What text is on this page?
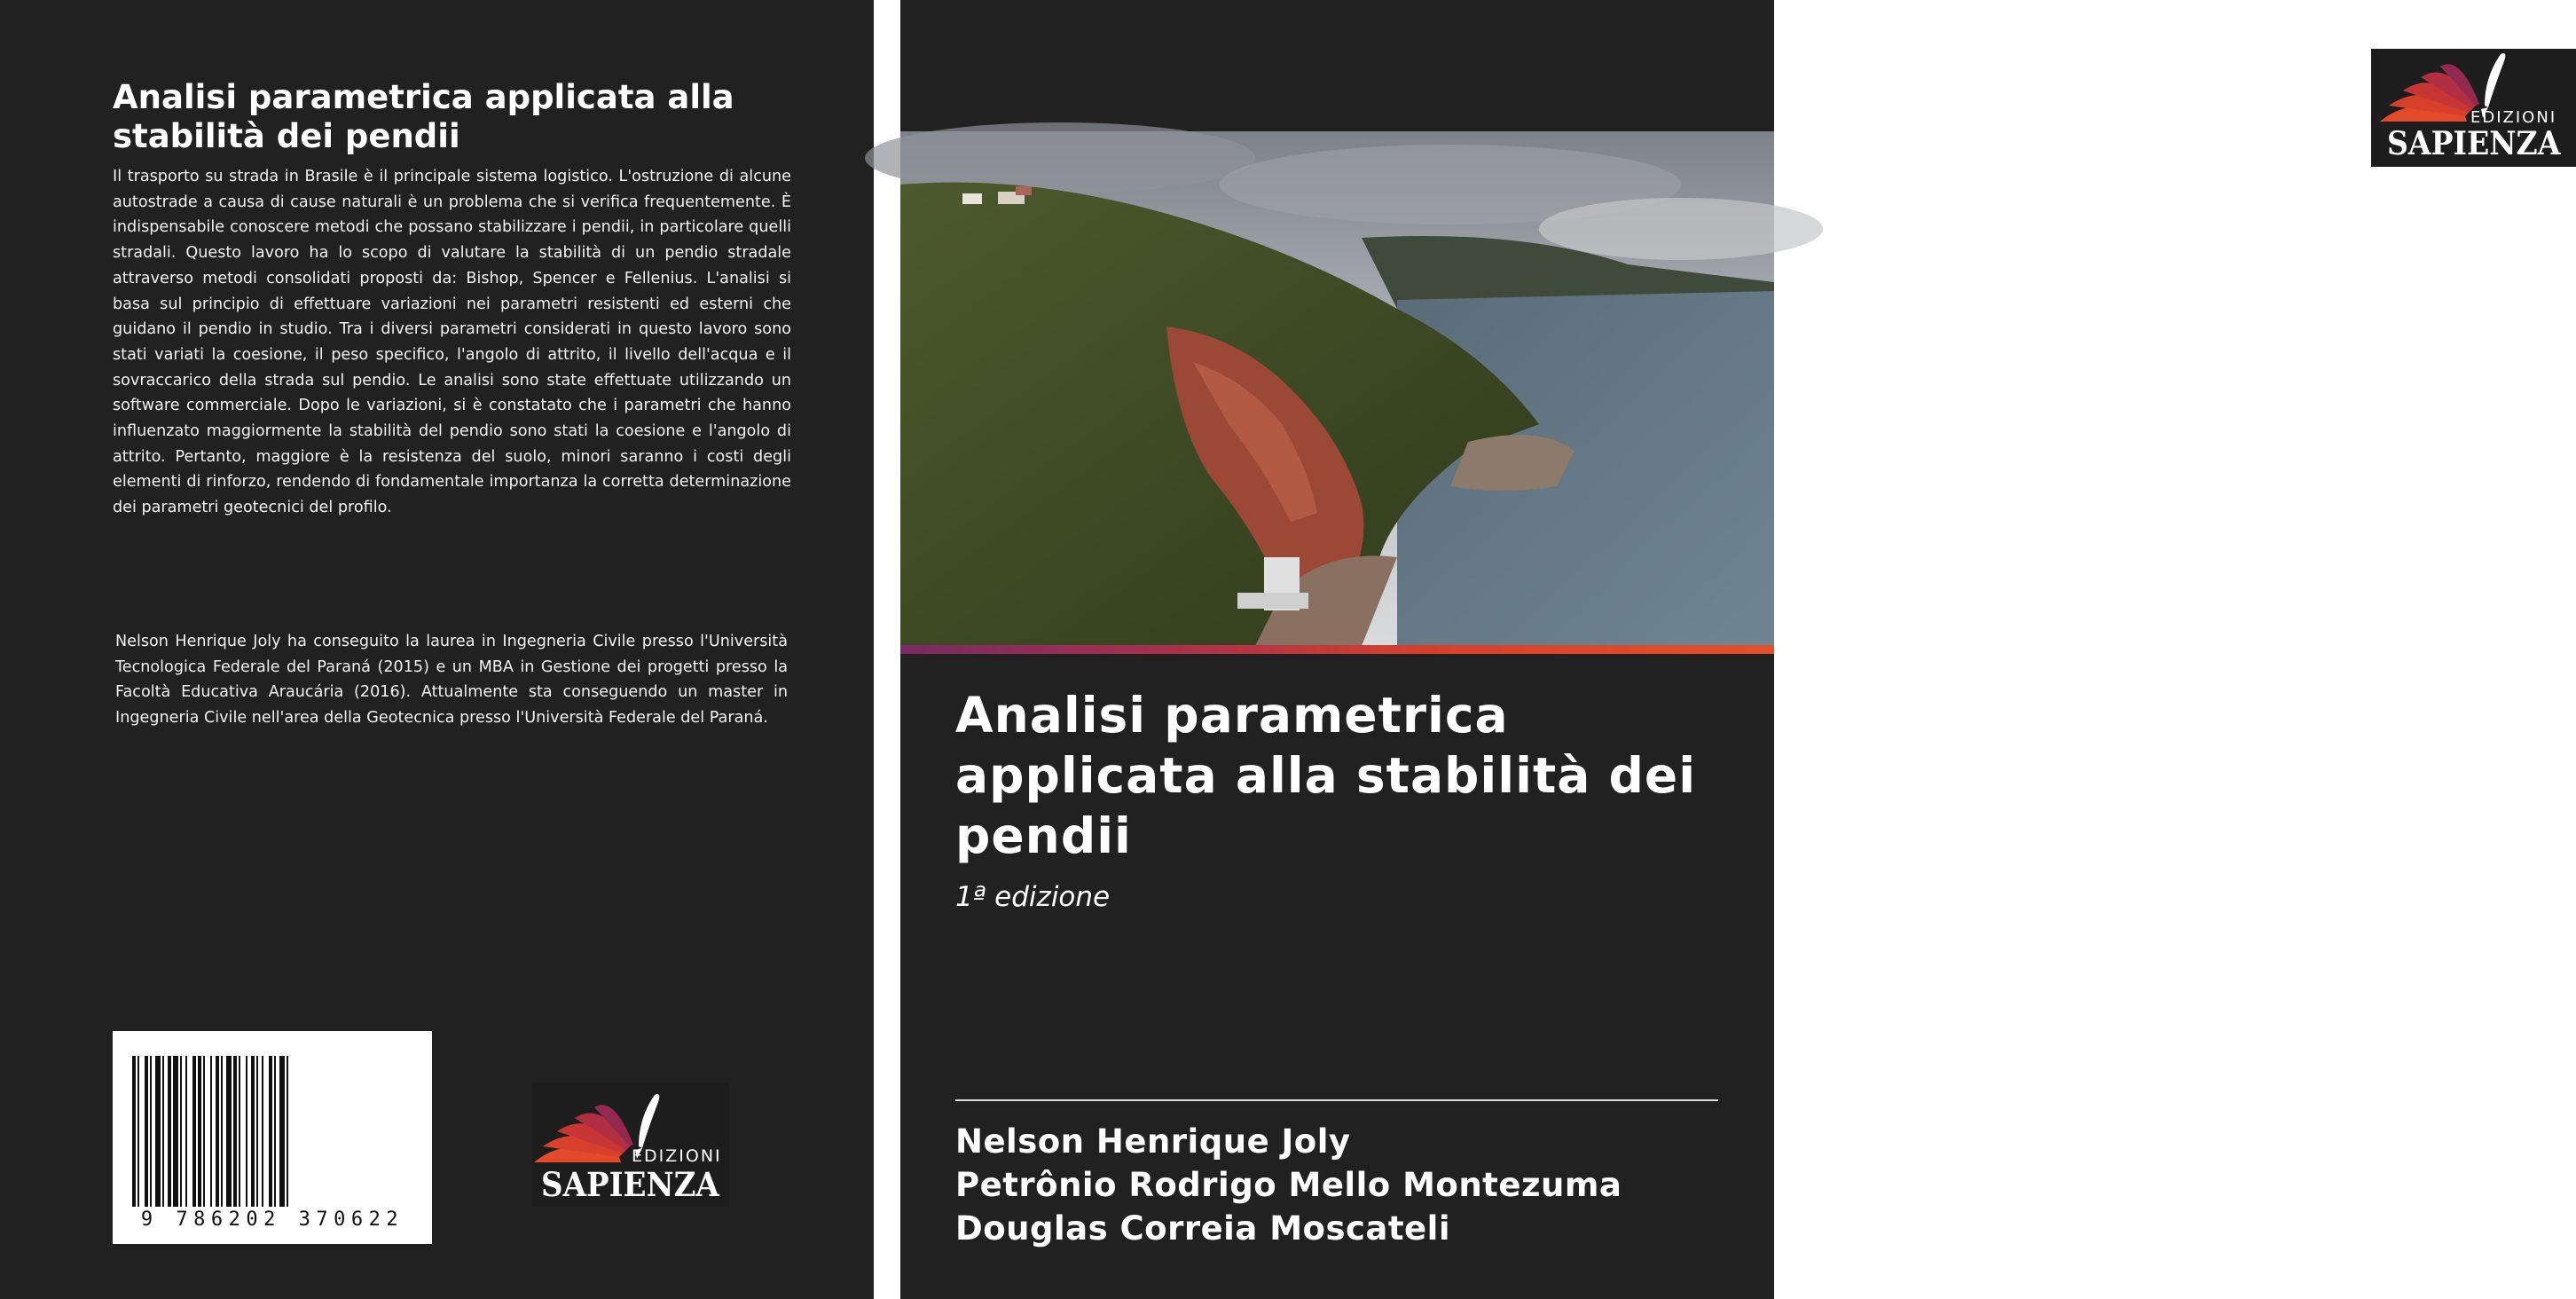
Analisi parametrica applicata alla stabilità dei pendii

Il trasporto su strada in Brasile è il principale sistema logistico. L'ostruzione di alcune autostrade a causa di cause naturali è un problema che si verifica frequentemente. È indispensabile conoscere metodi che possano stabilizzare i pendii, in particolare quelli stradali. Questo lavoro ha lo scopo di valutare la stabilità di un pendio stradale attraverso metodi consolidati proposti da: Bishop, Spencer e Fellenius. L'analisi si basa sul principio di effettuare variazioni nei parametri resistenti ed esterni che guidano il pendio in studio. Tra i diversi parametri considerati in questo lavoro sono stati variati la coesione, il peso specifico, l'angolo di attrito, il livello dell'acqua e il sovraccarico della strada sul pendio. Le analisi sono state effettuate utilizzando un software commerciale. Dopo le variazioni, si è constatato che i parametri che hanno influenzato maggiormente la stabilità del pendio sono stati la coesione e l'angolo di attrito. Pertanto, maggiore è la resistenza del suolo, minori saranno i costi degli elementi di rinforzo, rendendo di fondamentale importanza la corretta determinazione dei parametri geotecnici del profilo.

Nelson Henrique Joly ha conseguito la laurea in Ingegneria Civile presso l'Università Tecnologica Federale del Paraná (2015) e un MBA in Gestione dei progetti presso la Facoltà Educativa Araucária (2016). Attualmente sta conseguendo un master in Ingegneria Civile nell'area della Geotecnica presso l'Università Federale del Paraná.

9 786202 370622
EDIZIONI
SAPIENZA
EDIZIONI
SAPIENZA
Analisi parametrica applicata alla stabilità dei pendii
1ª edizione
Nelson Henrique Joly
Petrônio Rodrigo Mello Montezuma
Douglas Correia Moscateli
